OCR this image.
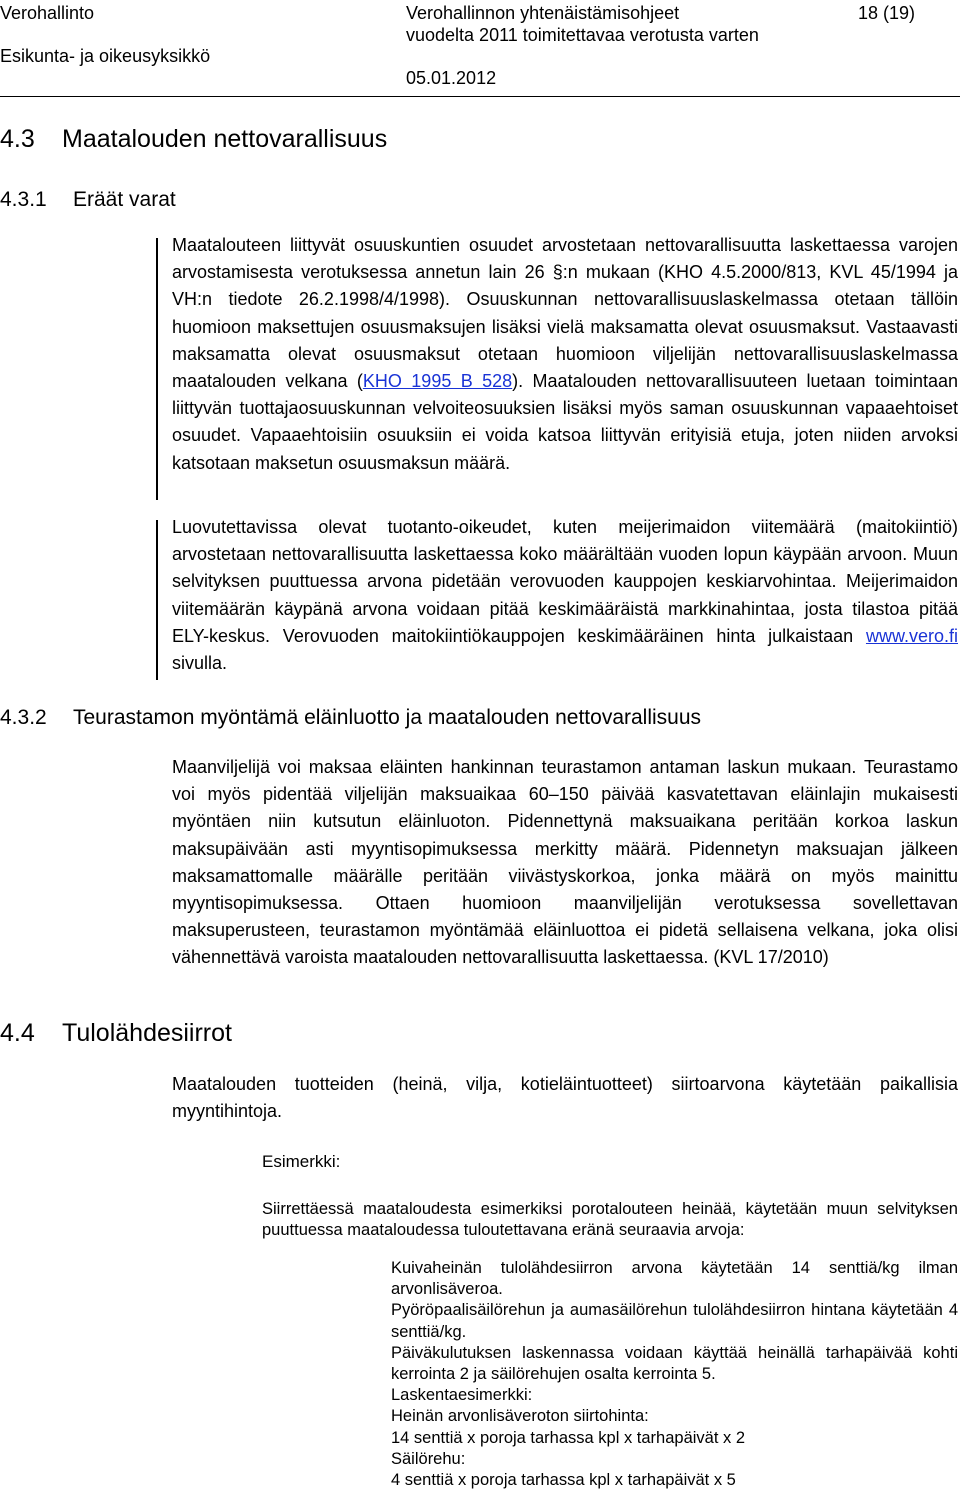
Verohallinto
Esikunta- ja oikeusyksikkö
Verohallinnon yhtenäistämisohjeet
vuodelta 2011 toimitettavaa verotusta varten
05.01.2012
18 (19)
4.3 Maatalouden nettovarallisuus
4.3.1 Eräät varat

Maatalouteen liittyvät osuuskuntien osuudet arvostetaan nettovarallisuutta laskettaessa varojen arvostamisesta verotuksessa annetun lain 26 §:n mukaan (KHO 4.5.2000/813, KVL 45/1994 ja VH:n tiedote 26.2.1998/4/1998). Osuuskunnan nettovarallisuuslaskelmassa otetaan tällöin huomioon maksettujen osuusmaksujen lisäksi vielä maksamatta olevat osuusmaksut. Vastaavasti maksamatta olevat osuusmaksut otetaan huomioon viljelijän nettovarallisuuslaskelmassa maatalouden velkana (KHO 1995 B 528). Maatalouden nettovarallisuuteen luetaan toimintaan liittyvän tuottajaosuuskunnan velvoiteosuuksien lisäksi myös saman osuuskunnan vapaaehtoiset osuudet. Vapaaehtoisiin osuuksiin ei voida katsoa liittyvän erityisiä etuja, joten niiden arvoksi katsotaan maksetun osuusmaksun määrä.

Luovutettavissa olevat tuotanto-oikeudet, kuten meijerimaidon viitemäärä (maitokiintiö) arvostetaan nettovarallisuutta laskettaessa koko määrältään vuoden lopun käypään arvoon. Muun selvityksen puuttuessa arvona pidetään verovuoden kauppojen keskiarvohintaa. Meijerimaidon viitemäärän käypänä arvona voidaan pitää keskimääräistä markkinahintaa, josta tilastoa pitää ELY-keskus. Verovuoden maitokiintiökauppojen keskimääräinen hinta julkaistaan www.vero.fi sivulla.

4.3.2 Teurastamon myöntämä eläinluotto ja maatalouden nettovarallisuus

Maanviljelijä voi maksaa eläinten hankinnan teurastamon antaman laskun mukaan. Teurastamo voi myös pidentää viljelijän maksuaikaa 60–150 päivää kasvatettavan eläinlajin mukaisesti myöntäen niin kutsutun eläinluoton. Pidennettynä maksuaikana peritään korkoa laskun maksupäivään asti myyntisopimuksessa merkitty määrä. Pidennetyn maksuajan jälkeen maksamattomalle määrälle peritään viivästyskorkoa, jonka määrä on myös mainittu myyntisopimuksessa. Ottaen huomioon maanviljelijän verotuksessa sovellettavan maksuperusteen, teurastamon myöntämää eläinluottoa ei pidetä sellaisena velkana, joka olisi vähennettävä varoista maatalouden nettovarallisuutta laskettaessa. (KVL 17/2010)

4.4 Tulolähdesiirrot

Maatalouden tuotteiden (heinä, vilja, kotieläintuotteet) siirtoarvona käytetään paikallisia myyntihintoja.

Esimerkki:

Siirrettäessä maataloudesta esimerkiksi porotalouteen heinää, käytetään muun selvityksen puuttuessa maataloudessa tuloutettavana eränä seuraavia arvoja:

Kuivaheinän tulolähdesiirron arvona käytetään 14 senttiä/kg ilman arvonlisäveroa.

Pyöröpaalisäilörehun ja aumasäilörehun tulolähdesiirron hintana käytetään 4 senttiä/kg.

Päiväkulutuksen laskennassa voidaan käyttää heinällä tarhapäivää kohti kerrointa 2 ja säilörehujen osalta kerrointa 5.

Laskentaesimerkki:

Heinän arvonlisäveroton siirtohinta:

14 senttiä x poroja tarhassa kpl x tarhapäivät x 2

Säilörehu:

4 senttiä x poroja tarhassa kpl x tarhapäivät x 5
